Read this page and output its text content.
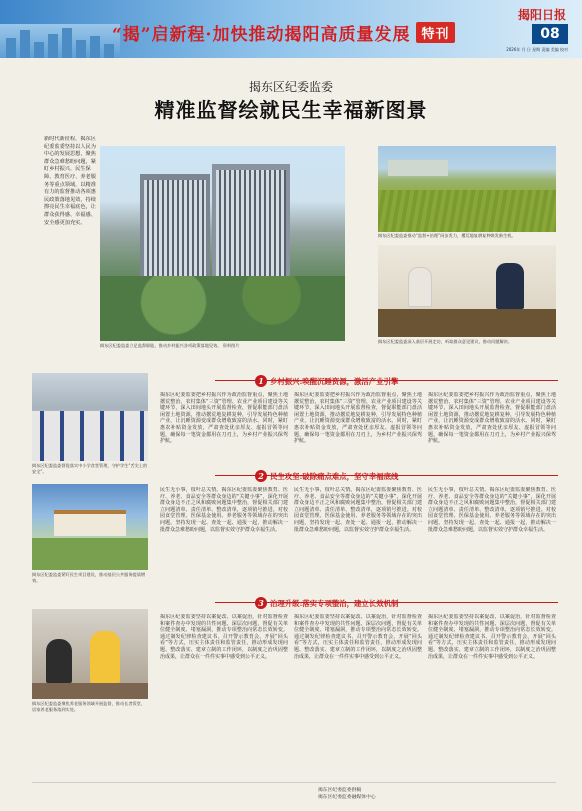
“揭”启新程·加快推动揭阳高质量发展 特刊
揭阳日报
08
2026年 月 日 星期 责编 美编 校对
揭东区纪委监委
精准监督绘就民生幸福新图景
新时代新征程，揭东区纪委监委坚持以人民为中心的发展思想，聚焦群众急难愁盼问题，紧盯乡村振兴、民生保障、教育医疗、养老服务等重点领域，以精准有力的监督推动各项惠民政策落地见效，持续擦亮民生幸福底色，让群众获得感、幸福感、安全感更加充实。
揭东区纪委监委立足监督职能，推动乡村振兴各项政策落地见效。 资料图片
揭东区纪委监委推动“监督+治理”同步发力，撂荒地复耕复种焕发新生机。
揭东区纪委监委深入基层开展走访，听取群众意见建议，推动问题解决。
揭东区纪委监委督促落实中小学食堂管理，守护学生“舌尖上的安全”。
揭东区纪委监委紧盯民生项目建设，推动基层公共服务提质增效。
揭东区纪委监委聚焦养老服务领域开展监督，推动长者饭堂、居家养老服务落到实处。
1 乡村振兴:唤醒沉睡资源，激活产业引擎
揭东区纪委监委把乡村振兴作为政治监督重点，聚焦土地撂荒整治、农村集体“三资”管理、农业产业项目建设等关键环节，深入田间地头开展监督检查，督促职能部门盘活闲置土地资源，推动撂荒地复耕复种，引导发展特色种植产业，让沉睡资源变成群众增收致富的活水。同时，紧盯惠农补贴资金发放，严肃查处优亲厚友、虚报冒领等问题，确保每一笔资金都用在刀刃上，为乡村产业振兴保驾护航。
揭东区纪委监委把乡村振兴作为政治监督重点，聚焦土地撂荒整治、农村集体“三资”管理、农业产业项目建设等关键环节，深入田间地头开展监督检查，督促职能部门盘活闲置土地资源，推动撂荒地复耕复种，引导发展特色种植产业，让沉睡资源变成群众增收致富的活水。同时，紧盯惠农补贴资金发放，严肃查处优亲厚友、虚报冒领等问题，确保每一笔资金都用在刀刃上，为乡村产业振兴保驾护航。
揭东区纪委监委把乡村振兴作为政治监督重点，聚焦土地撂荒整治、农村集体“三资”管理、农业产业项目建设等关键环节，深入田间地头开展监督检查，督促职能部门盘活闲置土地资源，推动撂荒地复耕复种，引导发展特色种植产业，让沉睡资源变成群众增收致富的活水。同时，紧盯惠农补贴资金发放，严肃查处优亲厚友、虚报冒领等问题，确保每一笔资金都用在刀刃上，为乡村产业振兴保驾护航。
2 民生攻坚:破除痛点难点，坚守幸福底线
民生无小事，枝叶总关情。揭东区纪委监委聚焦教育、医疗、养老、食品安全等群众身边的“关键小事”，深化开展群众身边不正之风和腐败问题集中整治，督促相关部门建立问题清单、责任清单、整改清单，逐项销号推进。对校园食堂管理、医保基金使用、养老服务等领域存在的突出问题，坚持发现一起、查处一起、通报一起，推动解决一批群众急难愁盼问题，以监督实效守护群众幸福生活。
民生无小事，枝叶总关情。揭东区纪委监委聚焦教育、医疗、养老、食品安全等群众身边的“关键小事”，深化开展群众身边不正之风和腐败问题集中整治，督促相关部门建立问题清单、责任清单、整改清单，逐项销号推进。对校园食堂管理、医保基金使用、养老服务等领域存在的突出问题，坚持发现一起、查处一起、通报一起，推动解决一批群众急难愁盼问题，以监督实效守护群众幸福生活。
民生无小事，枝叶总关情。揭东区纪委监委聚焦教育、医疗、养老、食品安全等群众身边的“关键小事”，深化开展群众身边不正之风和腐败问题集中整治，督促相关部门建立问题清单、责任清单、整改清单，逐项销号推进。对校园食堂管理、医保基金使用、养老服务等领域存在的突出问题，坚持发现一起、查处一起、通报一起，推动解决一批群众急难愁盼问题，以监督实效守护群众幸福生活。
3 治理升级:落实专项整治，建立长效机制
揭东区纪委监委坚持以案促改、以案促治，针对监督检查和案件查办中发现的共性问题、深层次问题，督促有关单位健全制度、堵塞漏洞，推动专项整治向常态长效转变。通过制发纪律检查建议书、召开警示教育会、开展“回头看”等方式，压实主体责任和监管责任，推动形成发现问题、整改落实、建章立制的工作闭环，以制度之治巩固整治成果，让群众在一件件实事中感受到公平正义。
揭东区纪委监委坚持以案促改、以案促治，针对监督检查和案件查办中发现的共性问题、深层次问题，督促有关单位健全制度、堵塞漏洞，推动专项整治向常态长效转变。通过制发纪律检查建议书、召开警示教育会、开展“回头看”等方式，压实主体责任和监管责任，推动形成发现问题、整改落实、建章立制的工作闭环，以制度之治巩固整治成果，让群众在一件件实事中感受到公平正义。
揭东区纪委监委坚持以案促改、以案促治，针对监督检查和案件查办中发现的共性问题、深层次问题，督促有关单位健全制度、堵塞漏洞，推动专项整治向常态长效转变。通过制发纪律检查建议书、召开警示教育会、开展“回头看”等方式，压实主体责任和监管责任，推动形成发现问题、整改落实、建章立制的工作闭环，以制度之治巩固整治成果，让群众在一件件实事中感受到公平正义。
揭东区纪委监委供稿
揭东区纪委监委融媒体中心
